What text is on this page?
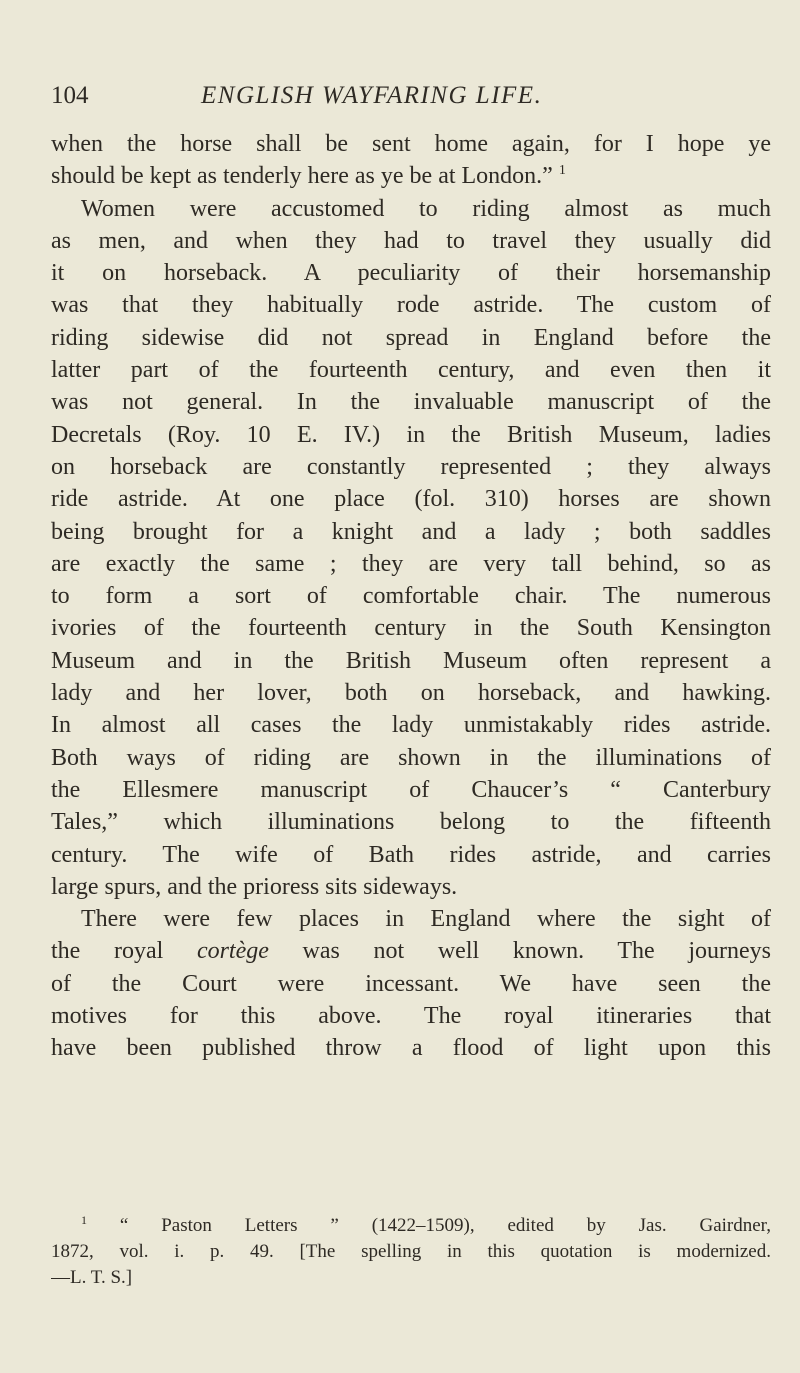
104	ENGLISH WAYFARING LIFE.
when the horse shall be sent home again, for I hope ye
should be kept as tenderly here as ye be at London.” $^1$
Women were accustomed to riding almost as much
as men, and when they had to travel they usually did
it on horseback. A peculiarity of their horsemanship
was that they habitually rode astride. The custom of
riding sidewise did not spread in England before the
latter part of the fourteenth century, and even then it
was not general. In the invaluable manuscript of the
Decretals (Roy. 10 E. IV.) in the British Museum, ladies
on horseback are constantly represented ; they always
ride astride. At one place (fol. 310) horses are shown
being brought for a knight and a lady ; both saddles
are exactly the same ; they are very tall behind, so as
to form a sort of comfortable chair. The numerous
ivories of the fourteenth century in the South Kensington
Museum and in the British Museum often represent a
lady and her lover, both on horseback, and hawking.
In almost all cases the lady unmistakably rides astride.
Both ways of riding are shown in the illuminations of
the Ellesmere manuscript of Chaucer’s “ Canterbury
Tales,” which illuminations belong to the fifteenth
century. The wife of Bath rides astride, and carries
large spurs, and the prioress sits sideways.
There were few places in England where the sight of
the royal cortège was not well known. The journeys
of the Court were incessant. We have seen the
motives for this above. The royal itineraries that
have been published throw a flood of light upon this
$^1$ “ Paston Letters ” (1422–1509), edited by Jas. Gairdner,
1872, vol. i. p. 49. [The spelling in this quotation is modernized.
—L. T. S.]
